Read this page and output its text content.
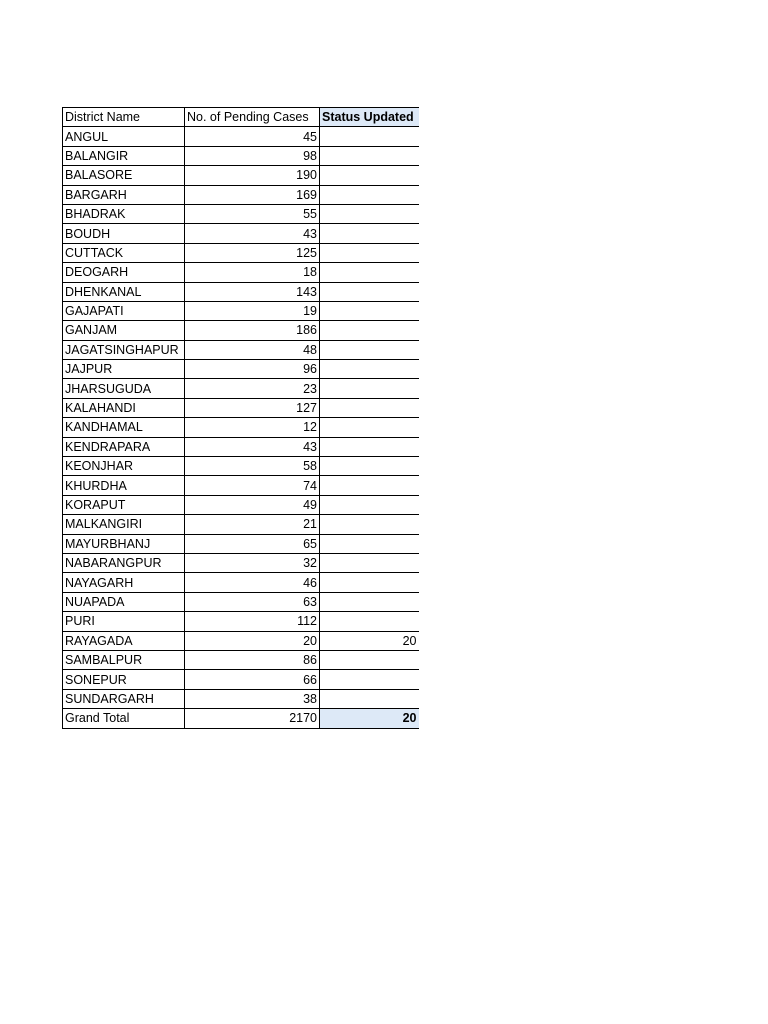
District Name	No. of Pending Cases	Status Updated
ANGUL	45	
BALANGIR	98	
BALASORE	190	
BARGARH	169	
BHADRAK	55	
BOUDH	43	
CUTTACK	125	
DEOGARH	18	
DHENKANAL	143	
GAJAPATI	19	
GANJAM	186	
JAGATSINGHAPUR	48	
JAJPUR	96	
JHARSUGUDA	23	
KALAHANDI	127	
KANDHAMAL	12	
KENDRAPARA	43	
KEONJHAR	58	
KHURDHA	74	
KORAPUT	49	
MALKANGIRI	21	
MAYURBHANJ	65	
NABARANGPUR	32	
NAYAGARH	46	
NUAPADA	63	
PURI	112	
RAYAGADA	20	20
SAMBALPUR	86	
SONEPUR	66	
SUNDARGARH	38	
Grand Total	2170	20
